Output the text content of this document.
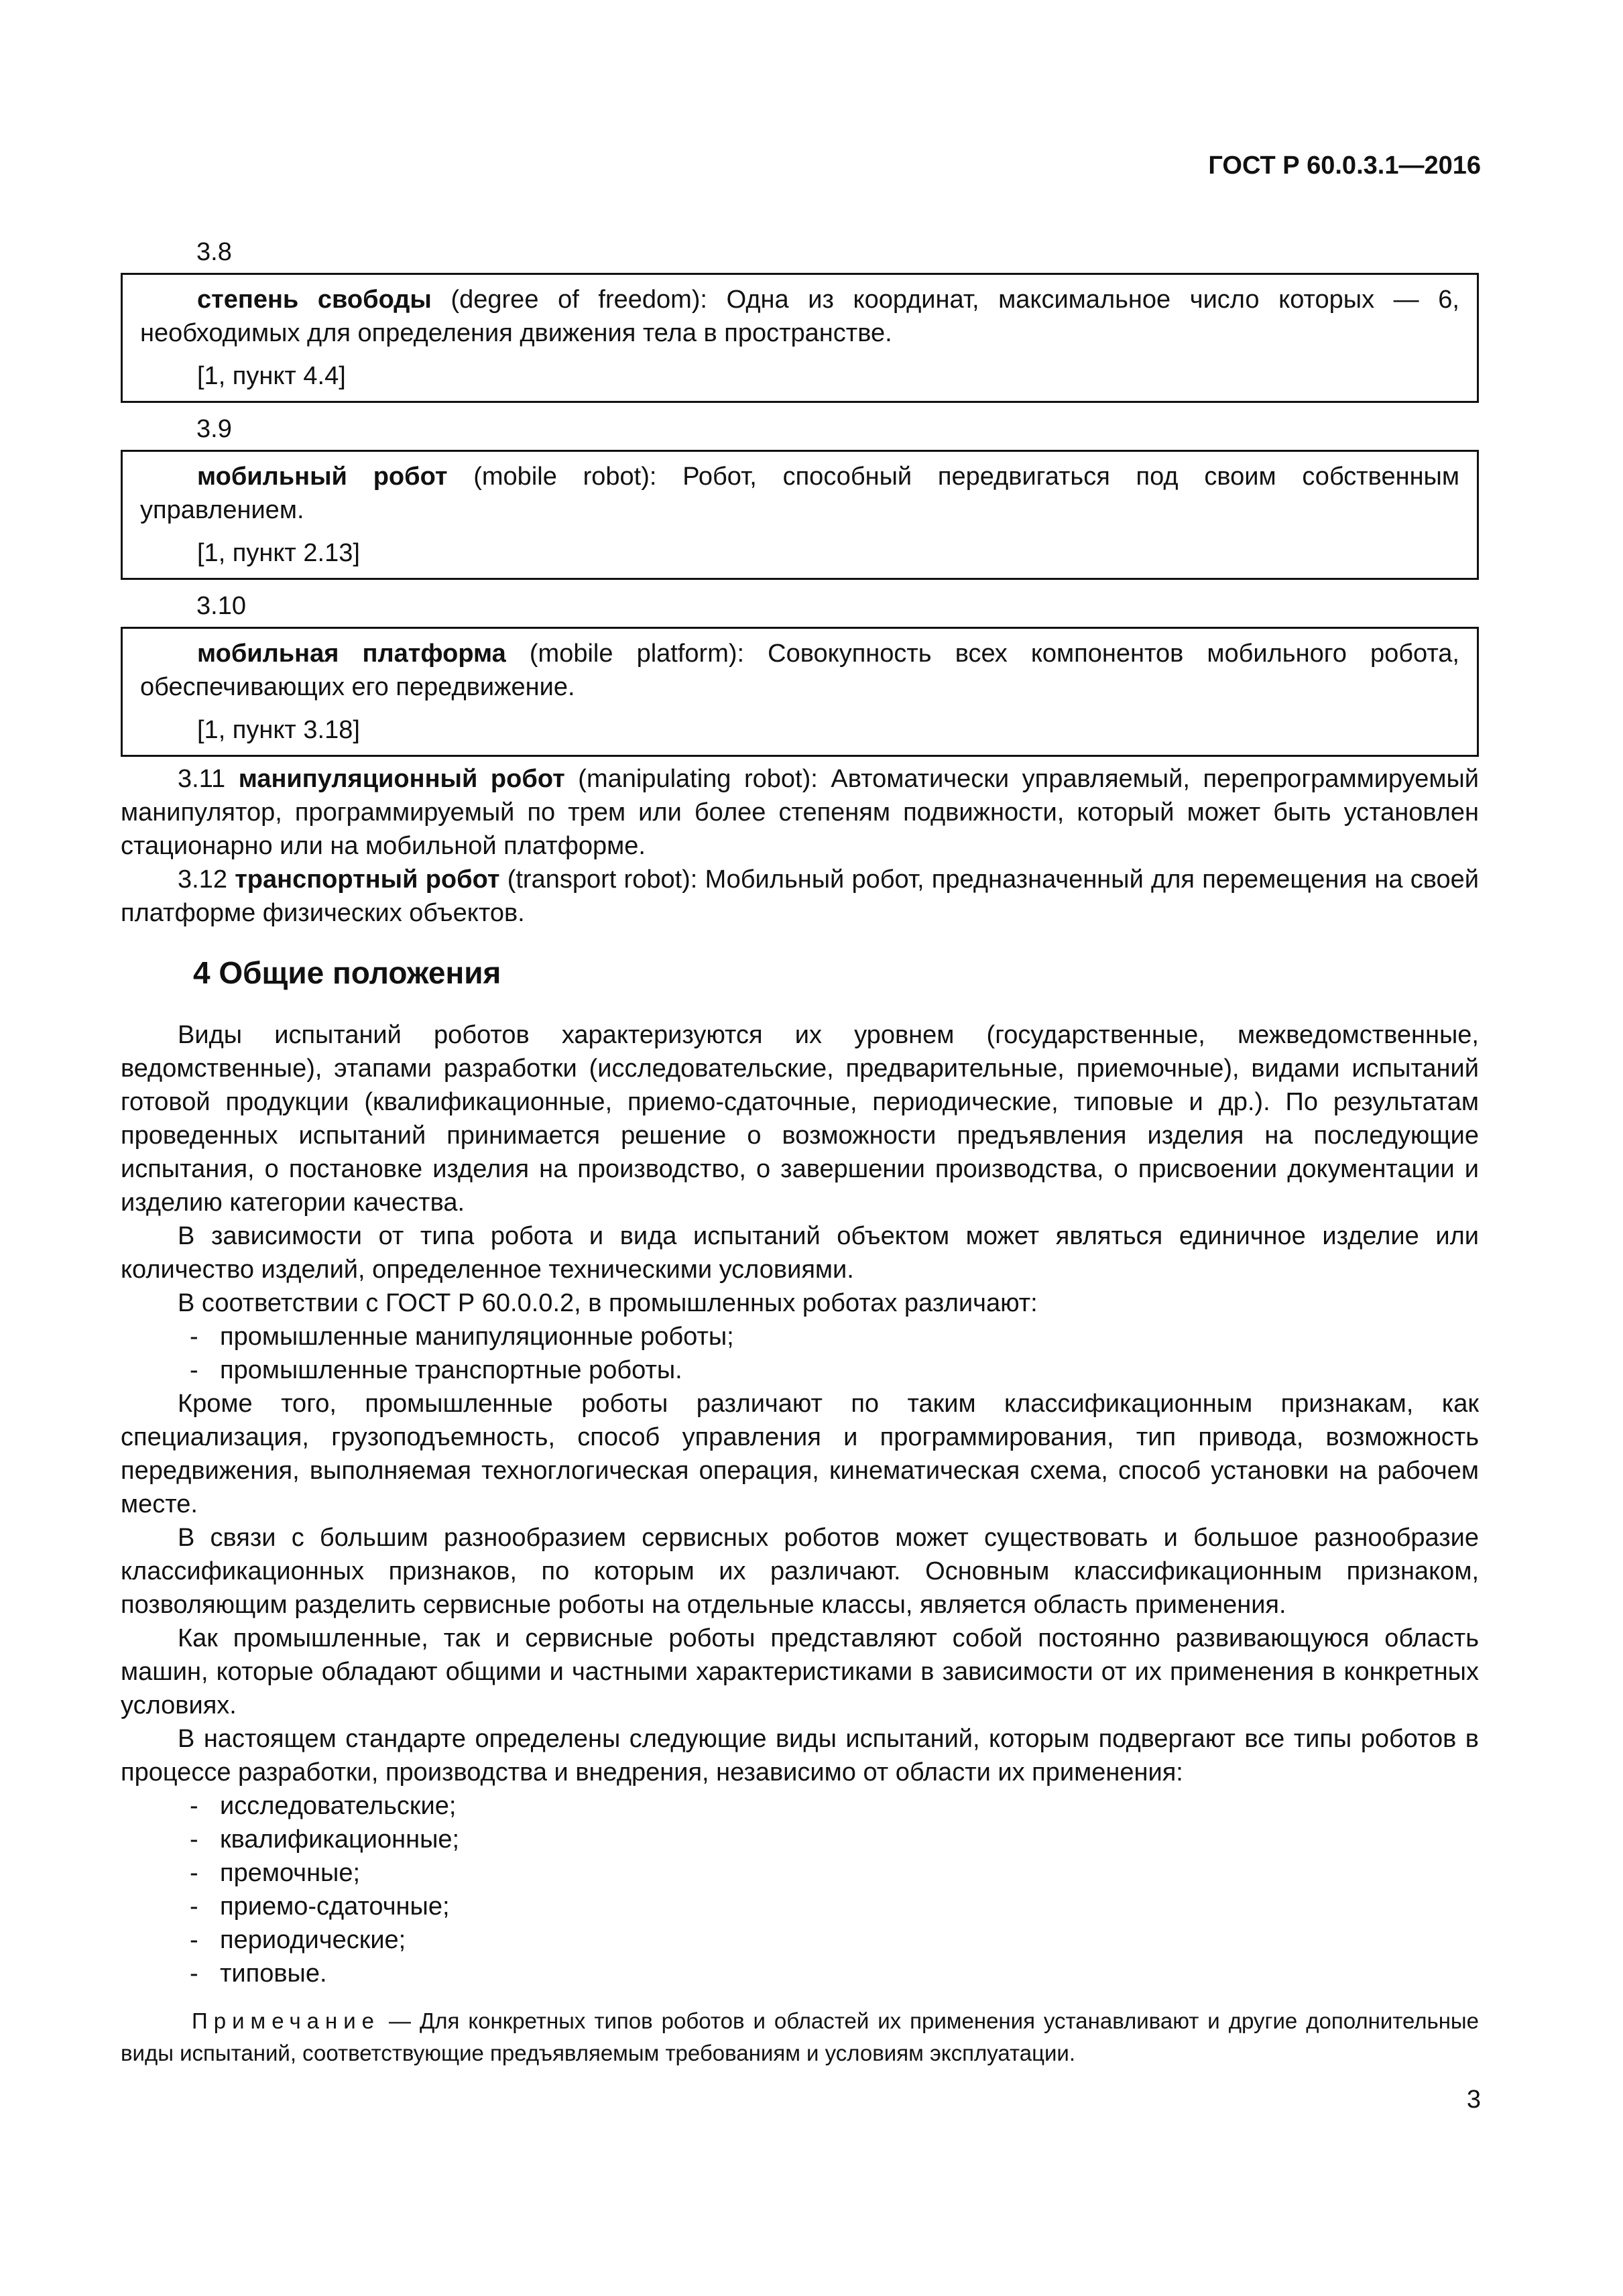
ГОСТ Р 60.0.3.1—2016
3.8

степень свободы (degree of freedom): Одна из координат, максимальное число которых — 6, необходимых для определения движения тела в пространстве.

[1, пункт 4.4]

3.9

мобильный робот (mobile robot): Робот, способный передвигаться под своим собственным управлением.

[1, пункт 2.13]

3.10

мобильная платформа (mobile platform): Совокупность всех компонентов мобильного робота, обеспечивающих его передвижение.

[1, пункт 3.18]

3.11 манипуляционный робот (manipulating robot): Автоматически управляемый, перепрограммируемый манипулятор, программируемый по трем или более степеням подвижности, который может быть установлен стационарно или на мобильной платформе.

3.12 транспортный робот (transport robot): Мобильный робот, предназначенный для перемещения на своей платформе физических объектов.

4 Общие положения

Виды испытаний роботов характеризуются их уровнем (государственные, межведомственные, ведомственные), этапами разработки (исследовательские, предварительные, приемочные), видами испытаний готовой продукции (квалификационные, приемо-сдаточные, периодические, типовые и др.). По результатам проведенных испытаний принимается решение о возможности предъявления изделия на последующие испытания, о постановке изделия на производство, о завершении производства, о присвоении документации и изделию категории качества.

В зависимости от типа робота и вида испытаний объектом может являться единичное изделие или количество изделий, определенное техническими условиями.

В соответствии с ГОСТ Р 60.0.0.2, в промышленных роботах различают:

- промышленные манипуляционные роботы;
- промышленные транспортные роботы.

Кроме того, промышленные роботы различают по таким классификационным признакам, как специализация, грузоподъемность, способ управления и программирования, тип привода, возможность передвижения, выполняемая техноглогическая операция, кинематическая схема, способ установки на рабочем месте.

В связи с большим разнообразием сервисных роботов может существовать и большое разнообразие классификационных признаков, по которым их различают. Основным классификационным признаком, позволяющим разделить сервисные роботы на отдельные классы, является область применения.

Как промышленные, так и сервисные роботы представляют собой постоянно развивающуюся область машин, которые обладают общими и частными характеристиками в зависимости от их применения в конкретных условиях.

В настоящем стандарте определены следующие виды испытаний, которым подвергают все типы роботов в процессе разработки, производства и внедрения, независимо от области их применения:

- исследовательские;
- квалификационные;
- премочные;
- приемо-сдаточные;
- периодические;
- типовые.

Примечание — Для конкретных типов роботов и областей их применения устанавливают и другие дополнительные виды испытаний, соответствующие предъявляемым требованиям и условиям эксплуатации.

3
